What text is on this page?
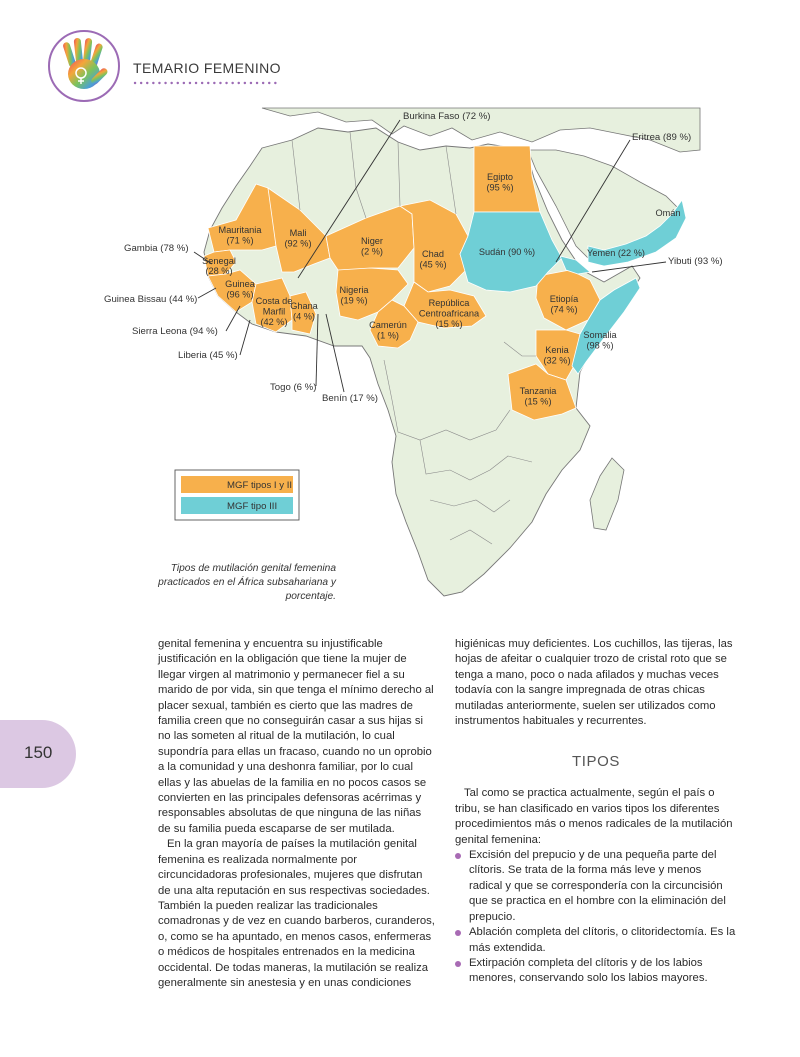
TEMARIO FEMENINO
Egipto (95 %)
Mauritania (71 %)
Mali (92 %)	Niger (2 %)	Chad (45 %)
Sudán (90 %)
Senegal (28 %)
Guinea (96 %)
Costa de Marfil
(42 %)
Ghana (4 %)
Nigeria (19 %)	República Centroafricana
(15 %)
Camerún (1 %)
Etiopía (74 %)
Yemen (22 %)
Omán
Somalia (98 %)
Kenia (32 %)
Tanzania (15 %)
Burkina Faso (72 %)
Eritrea (89 %)
Gambia (78 %)
Yibuti (93 %)
Guinea Bissau (44 %)
Sierra Leona (94 %)
Liberia (45 %)
Togo (6 %)
Benín (17 %)
MGF tipos I y II
MGF tipo III
Tipos de mutilación genital femenina practicados en el África subsahariana y porcentaje.

genital femenina y encuentra su injustificable justificación en la obligación que tiene la mujer de llegar virgen al matrimonio y permanecer fiel a su marido de por vida, sin que tenga el mínimo derecho al placer sexual, también es cierto que las madres de familia creen que no conseguirán casar a sus hijas si no las someten al ritual de la mutilación, lo cual supondría para ellas un fracaso, cuando no un oprobio a la comunidad y una deshonra familiar, por lo cual ellas y las abuelas de la familia en no pocos casos se convierten en las principales defensoras acérrimas y responsables absolutas de que ninguna de las niñas de su familia pueda escaparse de ser mutilada.

En la gran mayoría de países la mutilación genital femenina es realizada normalmente por circuncidadoras profesionales, mujeres que disfrutan de una alta reputación en sus respectivas sociedades. También la pueden realizar las tradicionales comadronas y de vez en cuando barberos, curanderos, o, como se ha apuntado, en menos casos, enfermeras o médicos de hospitales entrenados en la medicina occidental. De todas maneras, la mutilación se realiza generalmente sin anestesia y en unas condiciones

higiénicas muy deficientes. Los cuchillos, las tijeras, las hojas de afeitar o cualquier trozo de cristal roto que se tenga a mano, poco o nada afilados y muchas veces todavía con la sangre impregnada de otras chicas mutiladas anteriormente, suelen ser utilizados como instrumentos habituales y recurrentes.

TIPOS

Tal como se practica actualmente, según el país o tribu, se han clasificado en varios tipos los diferentes procedimientos más o menos radicales de la mutilación genital femenina:

Excisión del prepucio y de una pequeña parte del clítoris. Se trata de la forma más leve y menos radical y que se correspondería con la circuncisión que se practica en el hombre con la eliminación del prepucio.
Ablación completa del clítoris, o clitoridectomía. Es la más extendida.
Extirpación completa del clítoris y de los labios menores, conservando solo los labios mayores.
150
